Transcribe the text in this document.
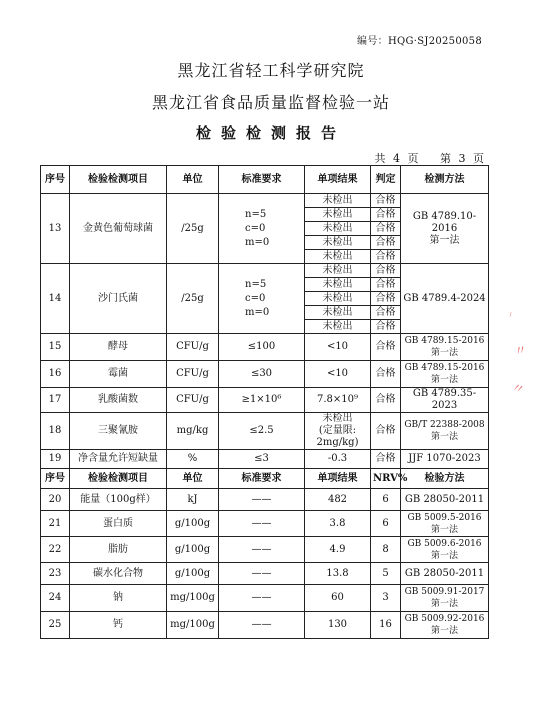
编号：HQG·SJ20250058
黑龙江省轻工科学研究院
黑龙江省食品质量监督检验一站
检验检测报告
共 4 页 第 3 页
序号	检验检测项目	单位	标准要求	单项结果	判定	检测方法
13	金黄色葡萄球菌	/25g	n=5
c=0
m=0	未检出	合格	GB 4789.10-2016
第一法
				未检出	合格	
				未检出	合格	
				未检出	合格	
				未检出	合格	
14	沙门氏菌	/25g	n=5
c=0
m=0	未检出	合格	GB 4789.4-2024
				未检出	合格	
				未检出	合格	
				未检出	合格	
				未检出	合格	
15	酵母	CFU/g	≤100	<10	合格	GB 4789.15-2016
第一法
16	霉菌	CFU/g	≤30	<10	合格	GB 4789.15-2016
第一法
17	乳酸菌数	CFU/g	≥1×10⁶	7.8×10⁹	合格	GB 4789.35-2023
18	三聚氰胺	mg/kg	≤2.5	未检出
(定量限:
2mg/kg)	合格	GB/T 22388-2008
第一法
19	净含量允许短缺量	%	≤3	-0.3	合格	JJF 1070-2023
序号	检验检测项目	单位	标准要求	单项结果	NRV%	检验方法
20	能量（100g样）	kJ	——	482	6	GB 28050-2011
21	蛋白质	g/100g	——	3.8	6	GB 5009.5-2016
第一法
22	脂肪	g/100g	——	4.9	8	GB 5009.6-2016
第一法
23	碳水化合物	g/100g	——	13.8	5	GB 28050-2011
24	钠	mg/100g	——	60	3	GB 5009.91-2017
第一法
25	钙	mg/100g	——	130	16	GB 5009.92-2016
第一法
𝄅
〃
〃
